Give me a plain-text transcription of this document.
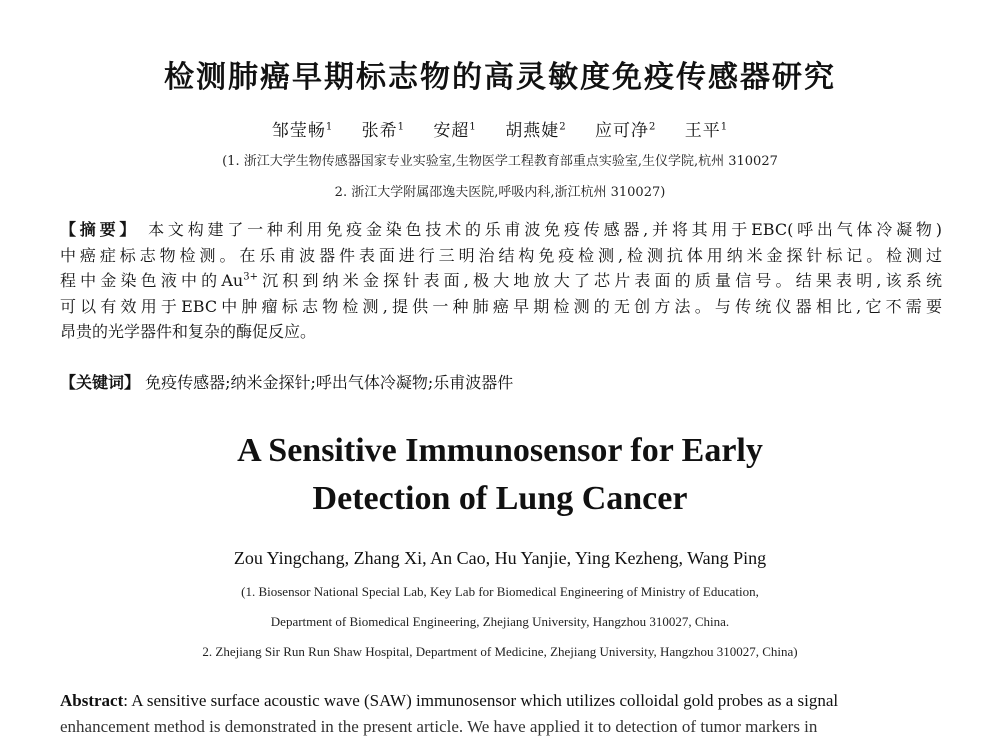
检测肺癌早期标志物的高灵敏度免疫传感器研究
邹莹畅$^1$ 张希$^1$ 安超$^1$ 胡燕婕$^2$ 应可净$^2$ 王平$^1$
(1. 浙江大学生物传感器国家专业实验室,生物医学工程教育部重点实验室,生仪学院,杭州 310027
2. 浙江大学附属邵逸夫医院,呼吸内科,浙江杭州 310027)
【摘要】 本文构建了一种利用免疫金染色技术的乐甫波免疫传感器,并将其用于EBC(呼出气体冷凝物)
中癌症标志物检测。在乐甫波器件表面进行三明治结构免疫检测,检测抗体用纳米金探针标记。检测过
程中金染色液中的$Au^{3+}$沉积到纳米金探针表面,极大地放大了芯片表面的质量信号。结果表明,该系统
可以有效用于EBC中肿瘤标志物检测,提供一种肺癌早期检测的无创方法。与传统仪器相比,它不需要
昂贵的光学器件和复杂的酶促反应。
【关键词】 免疫传感器;纳米金探针;呼出气体冷凝物;乐甫波器件
A Sensitive Immunosensor for Early
Detection of Lung Cancer
Zou Yingchang, Zhang Xi, An Cao, Hu Yanjie, Ying Kezheng, Wang Ping
(1. Biosensor National Special Lab, Key Lab for Biomedical Engineering of Ministry of Education,
Department of Biomedical Engineering, Zhejiang University, Hangzhou 310027, China.
2. Zhejiang Sir Run Run Shaw Hospital, Department of Medicine, Zhejiang University, Hangzhou 310027, China)
Abstract: A sensitive surface acoustic wave (SAW) immunosensor which utilizes colloidal gold probes as a signal
enhancement method is demonstrated in the present article. We have applied it to detection of tumor markers in
